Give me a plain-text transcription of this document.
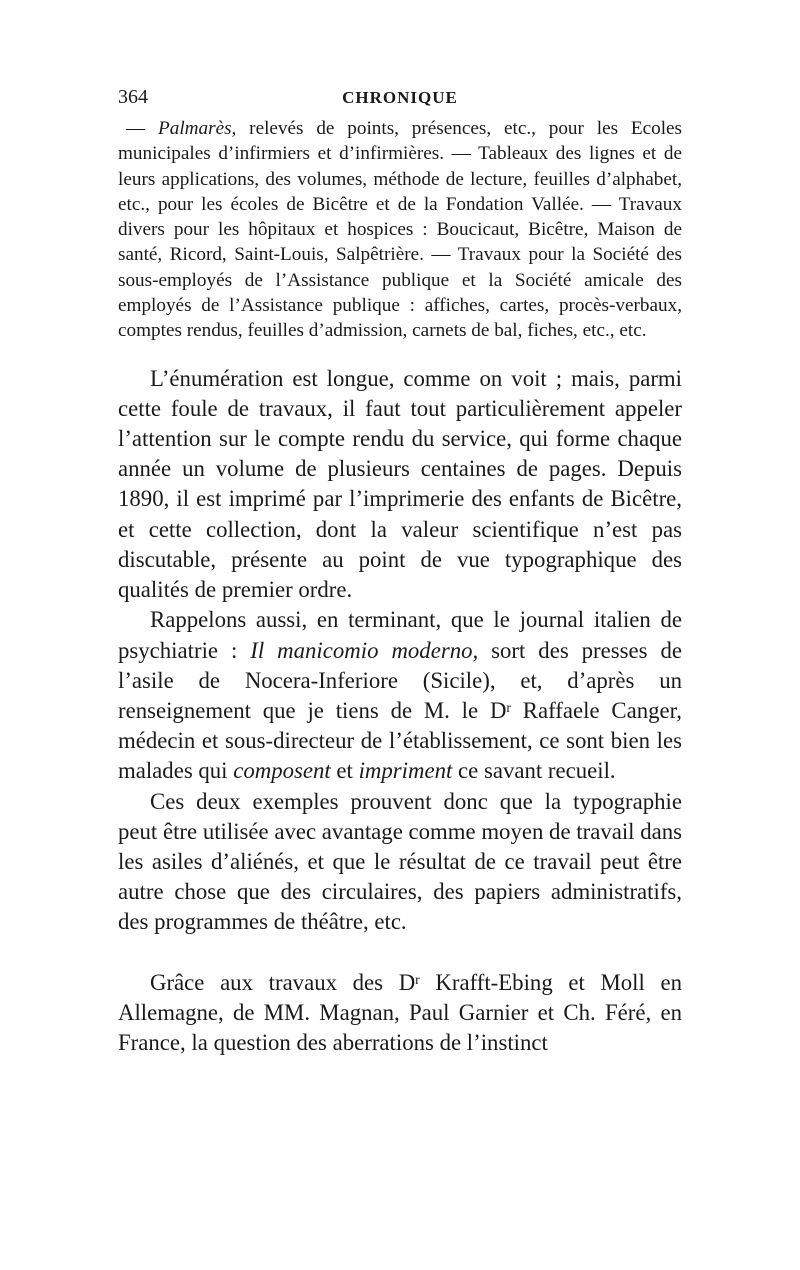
364	CHRONIQUE

— Palmarès, relevés de points, présences, etc., pour les Ecoles municipales d’infirmiers et d’infirmières. — Tableaux des lignes et de leurs applications, des volumes, méthode de lecture, feuilles d’alphabet, etc., pour les écoles de Bicêtre et de la Fondation Vallée. — Travaux divers pour les hôpitaux et hospices : Boucicaut, Bicêtre, Maison de santé, Ricord, Saint-Louis, Salpêtrière. — Travaux pour la Société des sous-employés de l’Assistance publique et la Société amicale des employés de l’Assistance publique : affiches, cartes, procès-verbaux, comptes rendus, feuilles d’admission, carnets de bal, fiches, etc., etc.

L’énumération est longue, comme on voit ; mais, parmi cette foule de travaux, il faut tout particulièrement appeler l’attention sur le compte rendu du service, qui forme chaque année un volume de plusieurs centaines de pages. Depuis 1890, il est imprimé par l’imprimerie des enfants de Bicêtre, et cette collection, dont la valeur scientifique n’est pas discutable, présente au point de vue typographique des qualités de premier ordre.

Rappelons aussi, en terminant, que le journal italien de psychiatrie : Il manicomio moderno, sort des presses de l’asile de Nocera-Inferiore (Sicile), et, d’après un renseignement que je tiens de M. le $D^r$ Raffaele Canger, médecin et sous-directeur de l’établissement, ce sont bien les malades qui composent et impriment ce savant recueil.

Ces deux exemples prouvent donc que la typographie peut être utilisée avec avantage comme moyen de travail dans les asiles d’aliénés, et que le résultat de ce travail peut être autre chose que des circulaires, des papiers administratifs, des programmes de théâtre, etc.

Grâce aux travaux des $D^r$ Krafft-Ebing et Moll en Allemagne, de MM. Magnan, Paul Garnier et Ch. Féré, en France, la question des aberrations de l’instinct
